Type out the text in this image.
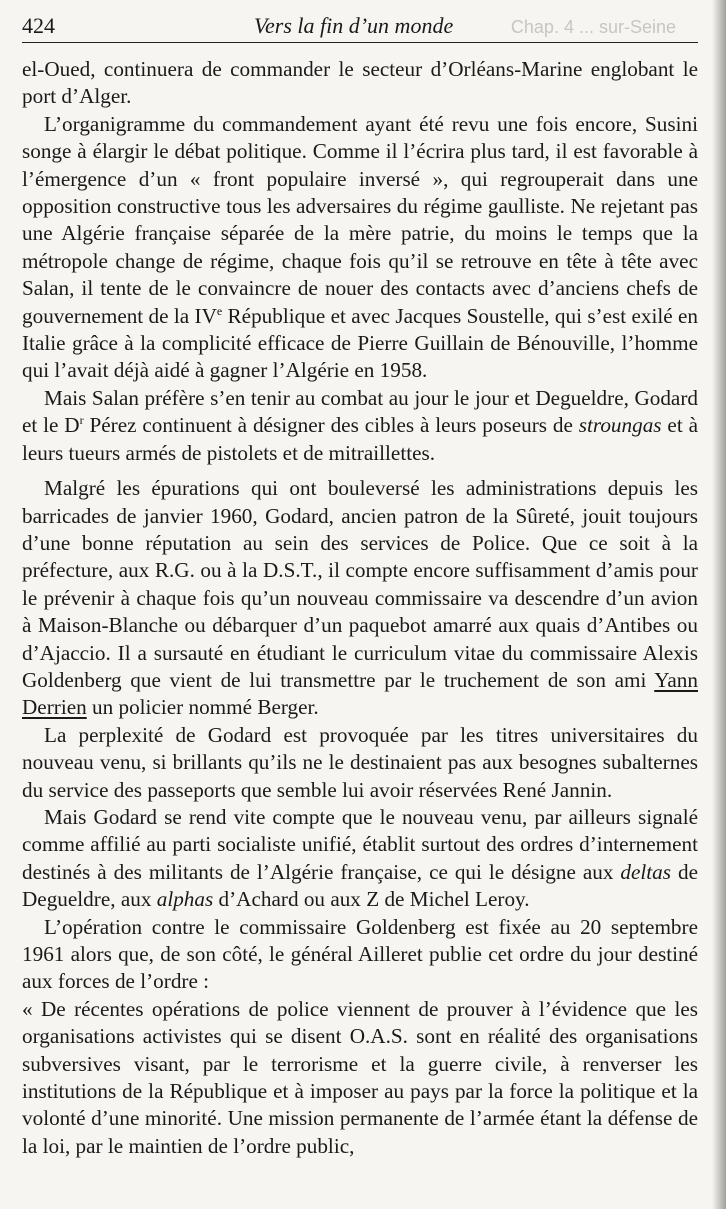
424	Vers la fin d’un monde	Chap. 4 ... sur-Seine

el-Oued, continuera de commander le secteur d’Orléans-Marine englobant le port d’Alger.

L’organigramme du commandement ayant été revu une fois encore, Susini songe à élargir le débat politique. Comme il l’écrira plus tard, il est favorable à l’émergence d’un « front populaire inversé », qui regrouperait dans une opposition constructive tous les adversaires du régime gaulliste. Ne rejetant pas une Algérie française séparée de la mère patrie, du moins le temps que la métropole change de régime, chaque fois qu’il se retrouve en tête à tête avec Salan, il tente de le convaincre de nouer des contacts avec d’anciens chefs de gouvernement de la IVe République et avec Jacques Soustelle, qui s’est exilé en Italie grâce à la complicité efficace de Pierre Guillain de Bénouville, l’homme qui l’avait déjà aidé à gagner l’Algérie en 1958.

Mais Salan préfère s’en tenir au combat au jour le jour et Degueldre, Godard et le $D^r$ Pérez continuent à désigner des cibles à leurs poseurs de stroungas et à leurs tueurs armés de pistolets et de mitraillettes.

Malgré les épurations qui ont bouleversé les administrations depuis les barricades de janvier 1960, Godard, ancien patron de la Sûreté, jouit toujours d’une bonne réputation au sein des services de Police. Que ce soit à la préfecture, aux R.G. ou à la D.S.T., il compte encore suffisamment d’amis pour le prévenir à chaque fois qu’un nouveau commissaire va descendre d’un avion à Maison-Blanche ou débarquer d’un paquebot amarré aux quais d’Antibes ou d’Ajaccio. Il a sursauté en étudiant le curriculum vitae du commissaire Alexis Goldenberg que vient de lui transmettre par le truchement de son ami Yann Derrien un policier nommé Berger.

La perplexité de Godard est provoquée par les titres universitaires du nouveau venu, si brillants qu’ils ne le destinaient pas aux besognes subalternes du service des passeports que semble lui avoir réservées René Jannin.

Mais Godard se rend vite compte que le nouveau venu, par ailleurs signalé comme affilié au parti socialiste unifié, établit surtout des ordres d’internement destinés à des militants de l’Algérie française, ce qui le désigne aux deltas de Degueldre, aux alphas d’Achard ou aux Z de Michel Leroy.

L’opération contre le commissaire Goldenberg est fixée au 20 septembre 1961 alors que, de son côté, le général Ailleret publie cet ordre du jour destiné aux forces de l’ordre :

« De récentes opérations de police viennent de prouver à l’évidence que les organisations activistes qui se disent O.A.S. sont en réalité des organisations subversives visant, par le terrorisme et la guerre civile, à renverser les institutions de la République et à imposer au pays par la force la politique et la volonté d’une minorité. Une mission permanente de l’armée étant la défense de la loi, par le maintien de l’ordre public,
